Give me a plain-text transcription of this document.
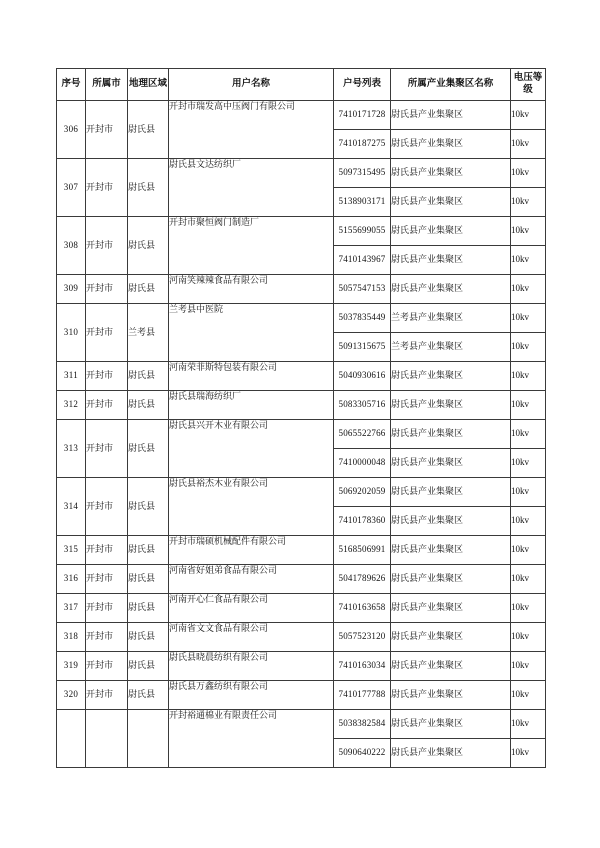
序号	所属市	地理区域	用户名称	户号列表	所属产业集聚区名称	电压等级
306	开封市	尉氏县	开封市瑞发高中压阀门有限公司	7410171728	尉氏县产业集聚区	10kv
				7410187275	尉氏县产业集聚区	10kv
307	开封市	尉氏县	尉氏县文达纺织厂	5097315495	尉氏县产业集聚区	10kv
				5138903171	尉氏县产业集聚区	10kv
308	开封市	尉氏县	开封市聚恒阀门制造厂	5155699055	尉氏县产业集聚区	10kv
				7410143967	尉氏县产业集聚区	10kv
309	开封市	尉氏县	河南笑辣辣食品有限公司	5057547153	尉氏县产业集聚区	10kv
310	开封市	兰考县	兰考县中医院	5037835449	兰考县产业集聚区	10kv
				5091315675	兰考县产业集聚区	10kv
311	开封市	尉氏县	河南荣菲斯特包装有限公司	5040930616	尉氏县产业集聚区	10kv
312	开封市	尉氏县	尉氏县瑞海纺织厂	5083305716	尉氏县产业集聚区	10kv
313	开封市	尉氏县	尉氏县兴开木业有限公司	5065522766	尉氏县产业集聚区	10kv
				7410000048	尉氏县产业集聚区	10kv
314	开封市	尉氏县	尉氏县裕杰木业有限公司	5069202059	尉氏县产业集聚区	10kv
				7410178360	尉氏县产业集聚区	10kv
315	开封市	尉氏县	开封市瑞硕机械配件有限公司	5168506991	尉氏县产业集聚区	10kv
316	开封市	尉氏县	河南省好姐弟食品有限公司	5041789626	尉氏县产业集聚区	10kv
317	开封市	尉氏县	河南开心仁食品有限公司	7410163658	尉氏县产业集聚区	10kv
318	开封市	尉氏县	河南省文文食品有限公司	5057523120	尉氏县产业集聚区	10kv
319	开封市	尉氏县	尉氏县晓晨纺织有限公司	7410163034	尉氏县产业集聚区	10kv
320	开封市	尉氏县	尉氏县万鑫纺织有限公司	7410177788	尉氏县产业集聚区	10kv
			开封裕通棉业有限责任公司	5038382584	尉氏县产业集聚区	10kv
				5090640222	尉氏县产业集聚区	10kv
